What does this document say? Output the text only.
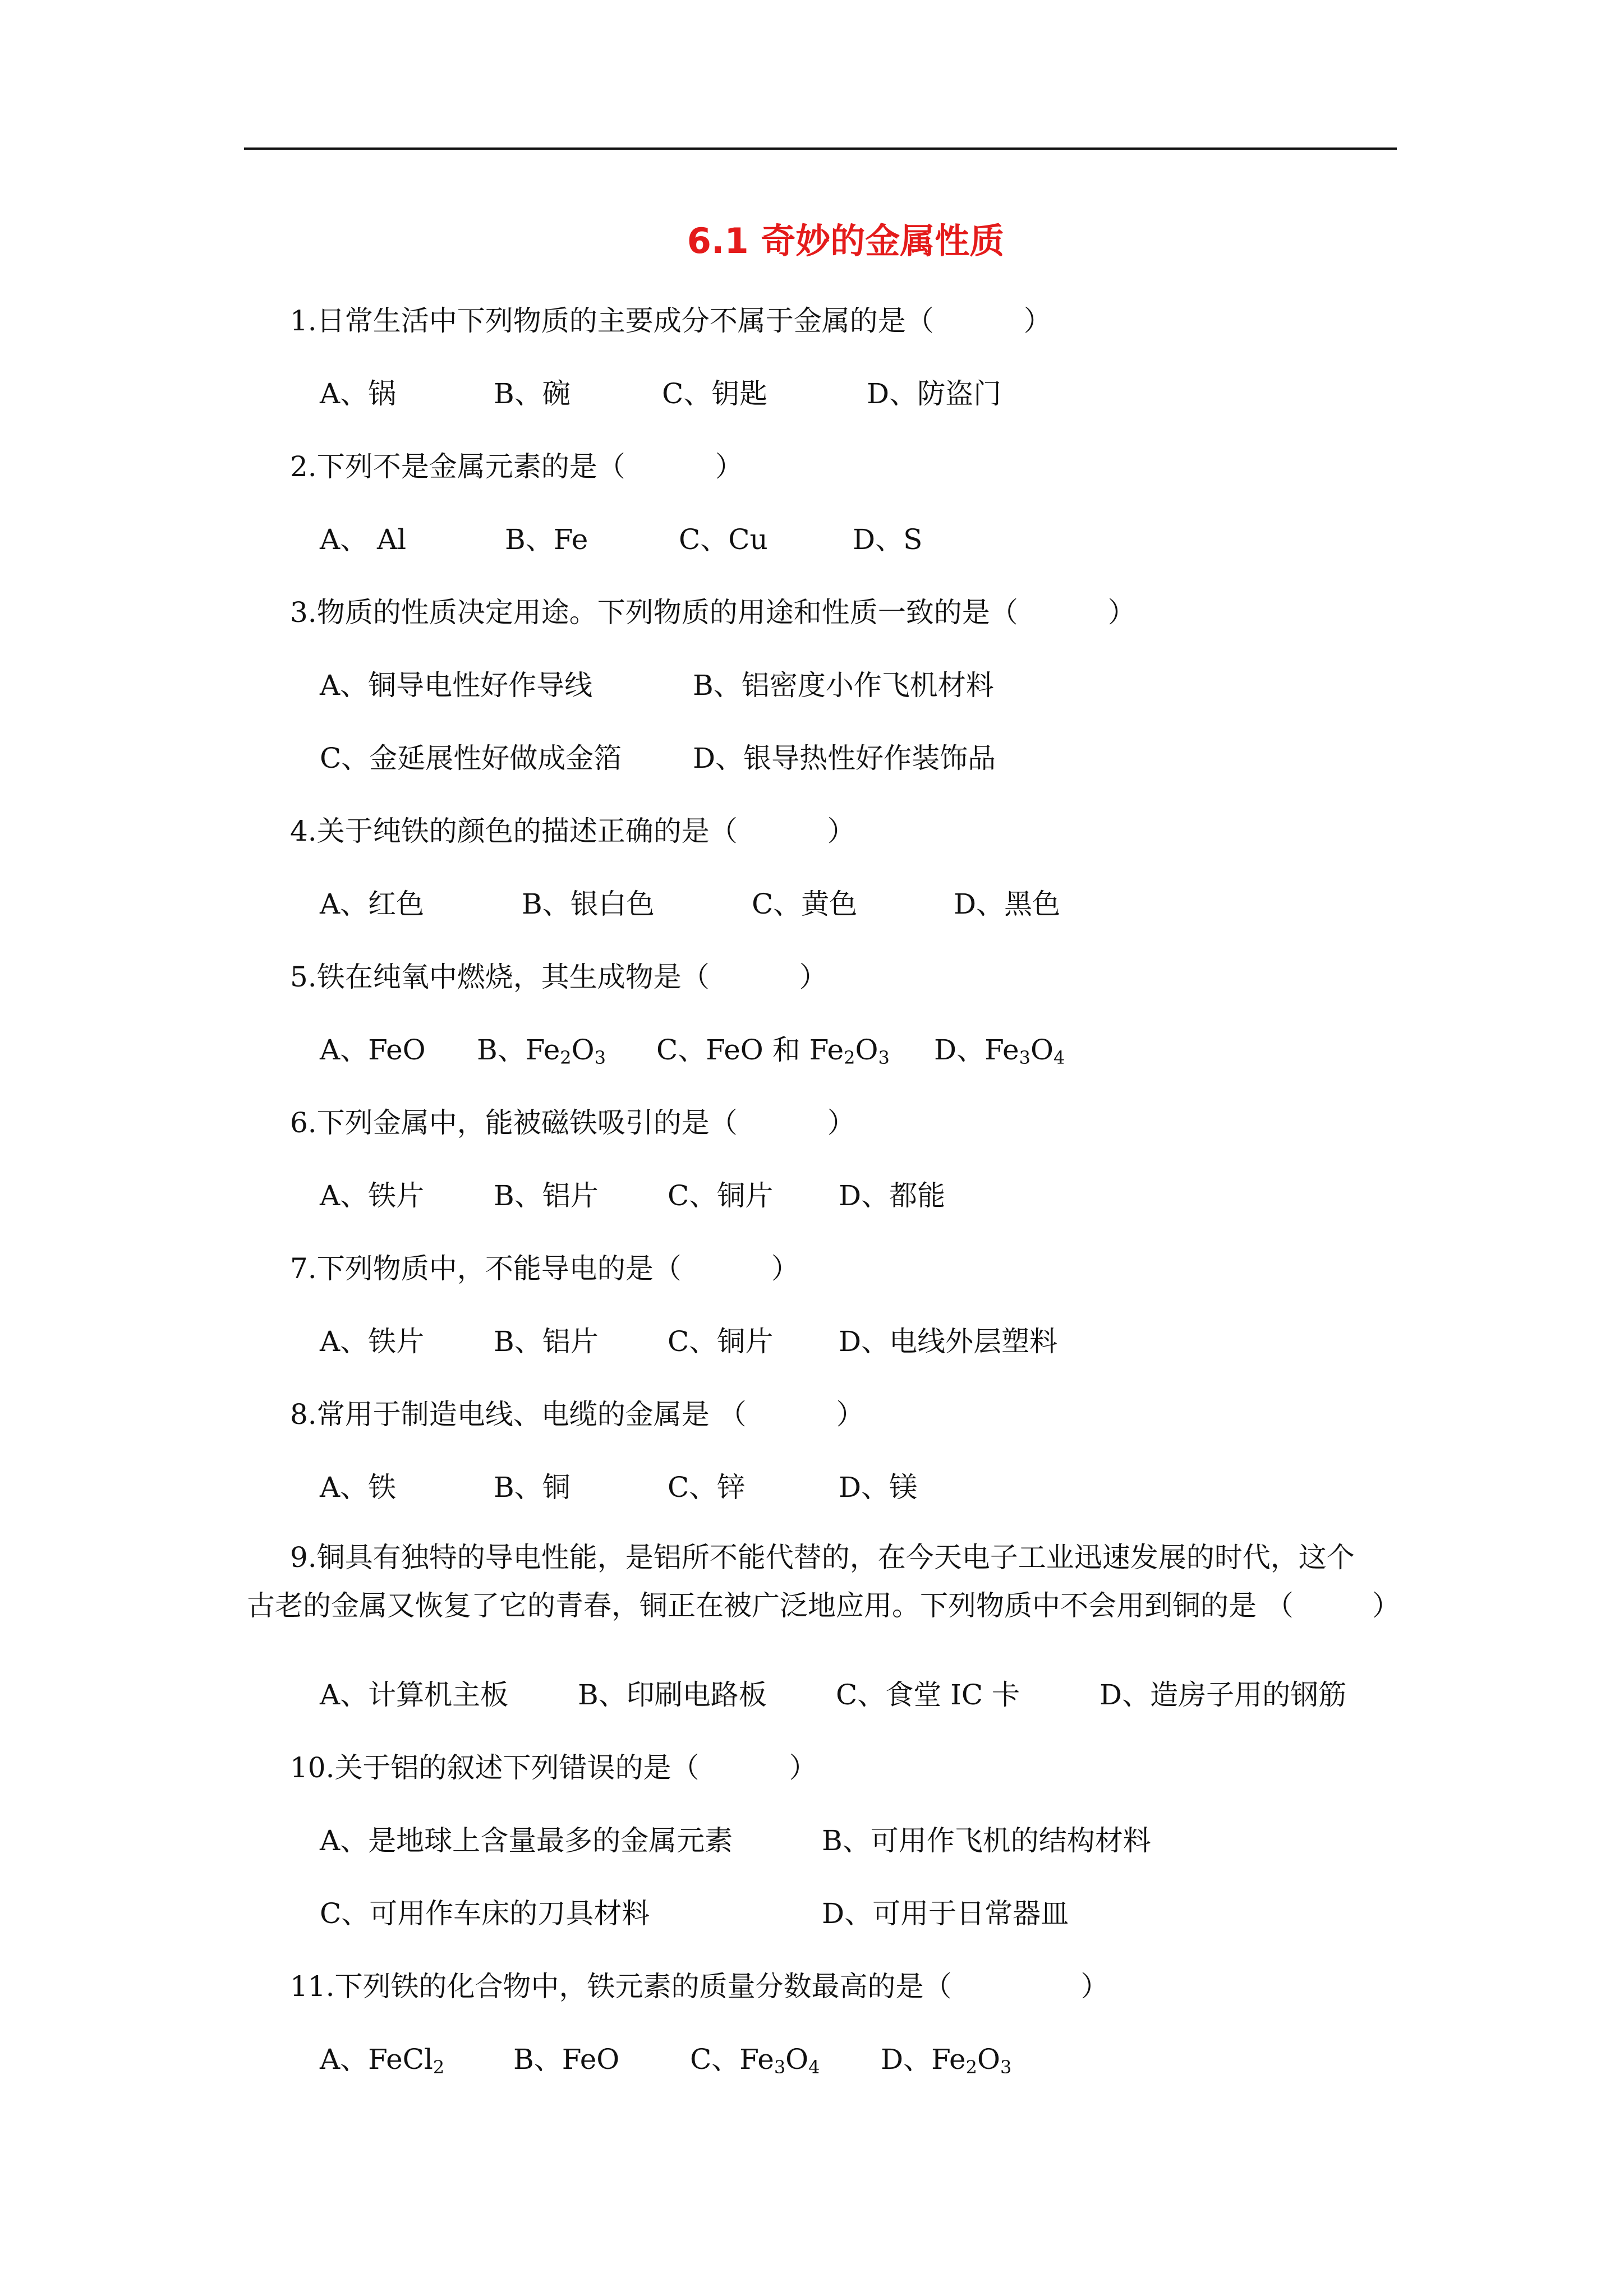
6.1 奇妙的金属性质
1.日常生活中下列物质的主要成分不属于金属的是（	）
A、锅	B、碗	C、钥匙	D、防盗门
2.下列不是金属元素的是（	）
A、 Al	B、Fe	C、Cu	D、S
3.物质的性质决定用途。下列物质的用途和性质一致的是（	）
A、铜导电性好作导线	B、铝密度小作飞机材料
C、金延展性好做成金箔	D、银导热性好作装饰品
4.关于纯铁的颜色的描述正确的是（	）
A、红色	B、银白色	C、黄色	D、黑色
5.铁在纯氧中燃烧，其生成物是（	）
A、FeO B、$Fe_2O_3$ C、FeO 和 $Fe_2O_3$ D、$Fe_3O_4$
6.下列金属中，能被磁铁吸引的是（	）
A、铁片 B、铝片 C、铜片 D、都能
7.下列物质中，不能导电的是（	）
A、铁片 B、铝片 C、铜片 D、电线外层塑料
8.常用于制造电线、电缆的金属是 （	）
A、铁	B、铜	C、锌	D、镁
9.铜具有独特的导电性能，是铝所不能代替的，在今天电子工业迅速发展的时代，这个
古老的金属又恢复了它的青春，铜正在被广泛地应用。下列物质中不会用到铜的是 （	）
A、计算机主板 B、印刷电路板 C、食堂 IC 卡	D、造房子用的钢筋
10.关于铝的叙述下列错误的是（	）
A、是地球上含量最多的金属元素	B、可用作飞机的结构材料
C、可用作车床的刀具材料	D、可用于日常器皿
11.下列铁的化合物中，铁元素的质量分数最高的是（	）
A、FeCl$_2$ B、FeO	C、$Fe_3O_4$ D、$Fe_2O_3$
